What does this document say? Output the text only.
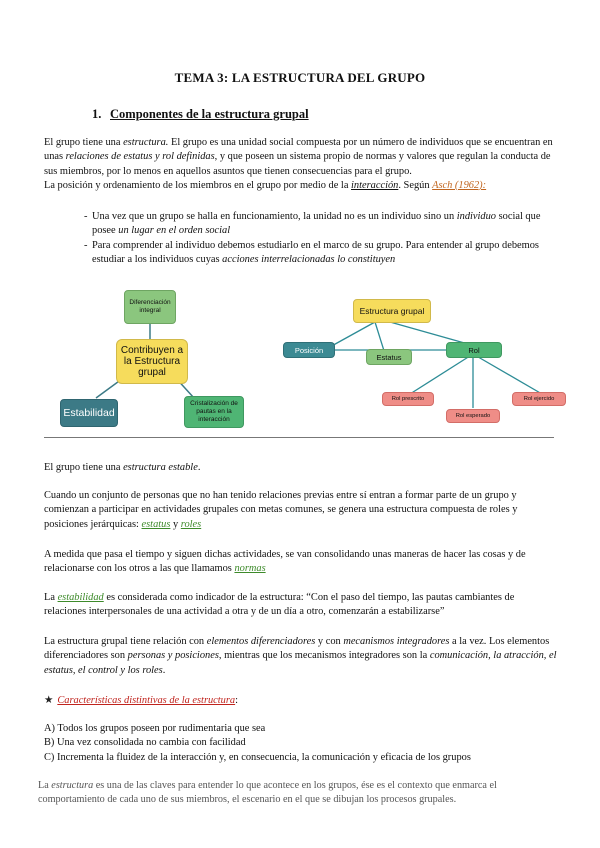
TEMA 3: LA ESTRUCTURA DEL GRUPO
1. Componentes de la estructura grupal
El grupo tiene una estructura. El grupo es una unidad social compuesta por un número de individuos que se encuentran en unas relaciones de estatus y rol definidas, y que poseen un sistema propio de normas y valores que regulan la conducta de sus miembros, por lo menos en aquellos asuntos que tienen consecuencias para el grupo.
La posición y ordenamiento de los miembros en el grupo por medio de la interacción. Según Asch (1962):
- Una vez que un grupo se halla en funcionamiento, la unidad no es un individuo sino un individuo social que posee un lugar en el orden social
- Para comprender al individuo debemos estudiarlo en el marco de su grupo. Para entender al grupo debemos estudiar a los individuos cuyas acciones interrelacionadas lo constituyen
Diferenciación integral
Contribuyen a la Estructura grupal
Estabilidad
Cristalización de pautas en la interacción
Estructura grupal
Posición
Estatus
Rol
Rol prescrito
Rol esperado
Rol ejercido
El grupo tiene una estructura estable.
Cuando un conjunto de personas que no han tenido relaciones previas entre sí entran a formar parte de un grupo y comienzan a participar en actividades grupales con metas comunes, se genera una estructura compuesta de roles y posiciones jerárquicas: estatus y roles
A medida que pasa el tiempo y siguen dichas actividades, se van consolidando unas maneras de hacer las cosas y de relacionarse con los otros a las que llamamos normas
La estabilidad es considerada como indicador de la estructura: “Con el paso del tiempo, las pautas cambiantes de relaciones interpersonales de una actividad a otra y de un día a otro, comenzarán a estabilizarse”
La estructura grupal tiene relación con elementos diferenciadores y con mecanismos integradores a la vez. Los elementos diferenciadores son personas y posiciones, mientras que los mecanismos integradores son la comunicación, la atracción, el estatus, el control y los roles.
★ Características distintivas de la estructura:
A) Todos los grupos poseen por rudimentaria que sea
B) Una vez consolidada no cambia con facilidad
C) Incrementa la fluidez de la interacción y, en consecuencia, la comunicación y eficacia de los grupos
La estructura es una de las claves para entender lo que acontece en los grupos, ése es el contexto que enmarca el comportamiento de cada uno de sus miembros, el escenario en el que se dibujan los procesos grupales.
